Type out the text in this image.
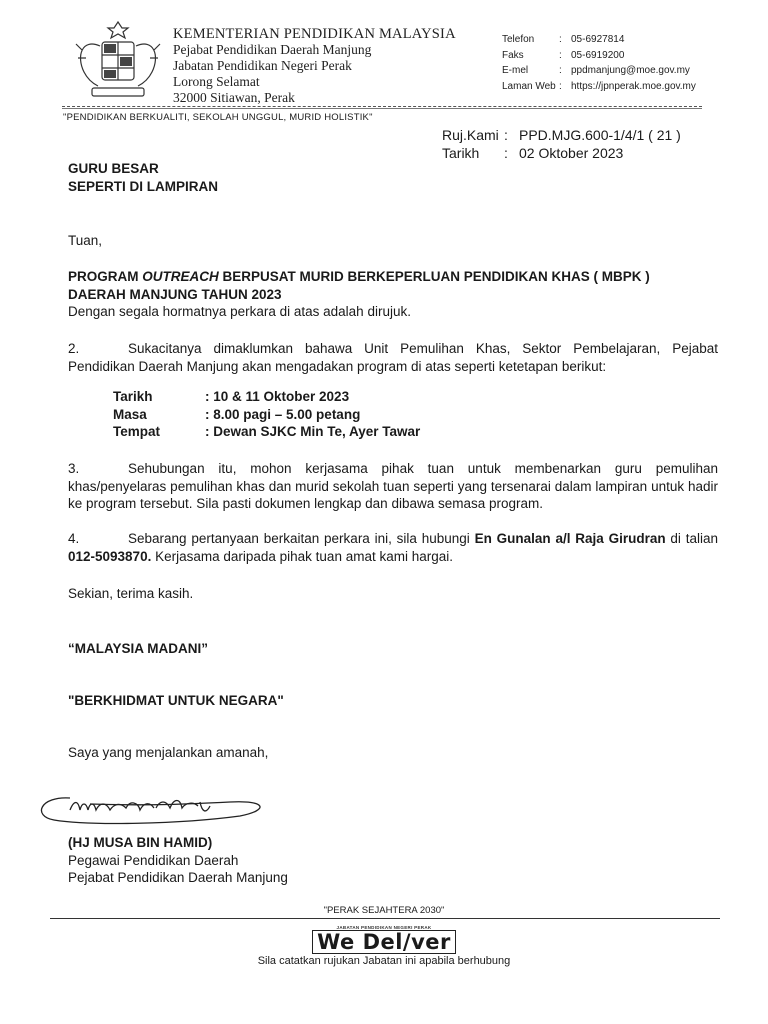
KEMENTERIAN PENDIDIKAN MALAYSIA
Pejabat Pendidikan Daerah Manjung
Jabatan Pendidikan Negeri Perak
Lorong Selamat
32000 Sitiawan, Perak
Telefon	: 05-6927814
Faks	: 05-6919200
E-mel	: ppdmanjung@moe.gov.my
Laman Web : https://jpnperak.moe.gov.my
"PENDIDIKAN BERKUALITI, SEKOLAH UNGGUL, MURID HOLISTIK"
Ruj.Kami : PPD.MJG.600-1/4/1 ( 21 )
Tarikh	: 02 Oktober 2023
GURU BESAR
SEPERTI DI LAMPIRAN
Tuan,
PROGRAM OUTREACH BERPUSAT MURID BERKEPERLUAN PENDIDIKAN KHAS ( MBPK )
DAERAH MANJUNG TAHUN 2023
Dengan segala hormatnya perkara di atas adalah dirujuk.
2.	Sukacitanya dimaklumkan bahawa Unit Pemulihan Khas, Sektor Pembelajaran, Pejabat Pendidikan Daerah Manjung akan mengadakan program di atas seperti ketetapan berikut:
Tarikh	: 10 & 11 Oktober 2023
Masa	: 8.00 pagi – 5.00 petang
Tempat	: Dewan SJKC Min Te, Ayer Tawar
3.	Sehubungan itu, mohon kerjasama pihak tuan untuk membenarkan guru pemulihan khas/penyelaras pemulihan khas dan murid sekolah tuan seperti yang tersenarai dalam lampiran untuk hadir ke program tersebut. Sila pasti dokumen lengkap dan dibawa semasa program.
4.	Sebarang pertanyaan berkaitan perkara ini, sila hubungi En Gunalan a/l Raja Girudran di talian 012-5093870. Kerjasama daripada pihak tuan amat kami hargai.
Sekian, terima kasih.
“MALAYSIA MADANI”
"BERKHIDMAT UNTUK NEGARA"
Saya yang menjalankan amanah,
(HJ MUSA BIN HAMID)
Pegawai Pendidikan Daerah
Pejabat Pendidikan Daerah Manjung
"PERAK SEJAHTERA 2030"
JABATAN PENDIDIKAN NEGERI PERAK
We Del/ver
Sila catatkan rujukan Jabatan ini apabila berhubung
